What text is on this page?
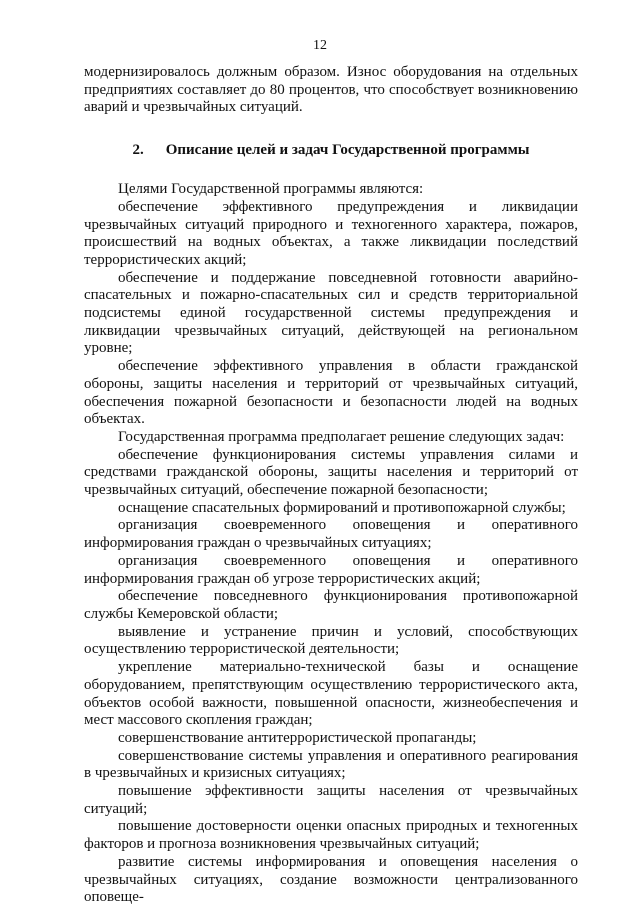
12

модернизировалось должным образом. Износ оборудования на отдельных предприятиях составляет до 80 процентов, что способствует возникновению аварий и чрезвычайных ситуаций.

2. Описание целей и задач Государственной программы

Целями Государственной программы являются:

обеспечение эффективного предупреждения и ликвидации чрезвычайных ситуаций природного и техногенного характера, пожаров, происшествий на водных объектах, а также ликвидации последствий террористических акций;

обеспечение и поддержание повседневной готовности аварийно-спасательных и пожарно-спасательных сил и средств территориальной подсистемы единой государственной системы предупреждения и ликвидации чрезвычайных ситуаций, действующей на региональном уровне;

обеспечение эффективного управления в области гражданской обороны, защиты населения и территорий от чрезвычайных ситуаций, обеспечения пожарной безопасности и безопасности людей на водных объектах.

Государственная программа предполагает решение следующих задач:

обеспечение функционирования системы управления силами и средствами гражданской обороны, защиты населения и территорий от чрезвычайных ситуаций, обеспечение пожарной безопасности;

оснащение спасательных формирований и противопожарной службы;

организация своевременного оповещения и оперативного информирования граждан о чрезвычайных ситуациях;

организация своевременного оповещения и оперативного информирования граждан об угрозе террористических акций;

обеспечение повседневного функционирования противопожарной службы Кемеровской области;

выявление и устранение причин и условий, способствующих осуществлению террористической деятельности;

укрепление материально-технической базы и оснащение оборудованием, препятствующим осуществлению террористического акта, объектов особой важности, повышенной опасности, жизнеобеспечения и мест массового скопления граждан;

совершенствование антитеррористической пропаганды;

совершенствование системы управления и оперативного реагирования в чрезвычайных и кризисных ситуациях;

повышение эффективности защиты населения от чрезвычайных ситуаций;

повышение достоверности оценки опасных природных и техногенных факторов и прогноза возникновения чрезвычайных ситуаций;

развитие системы информирования и оповещения населения о чрезвычайных ситуациях, создание возможности централизованного оповеще-
